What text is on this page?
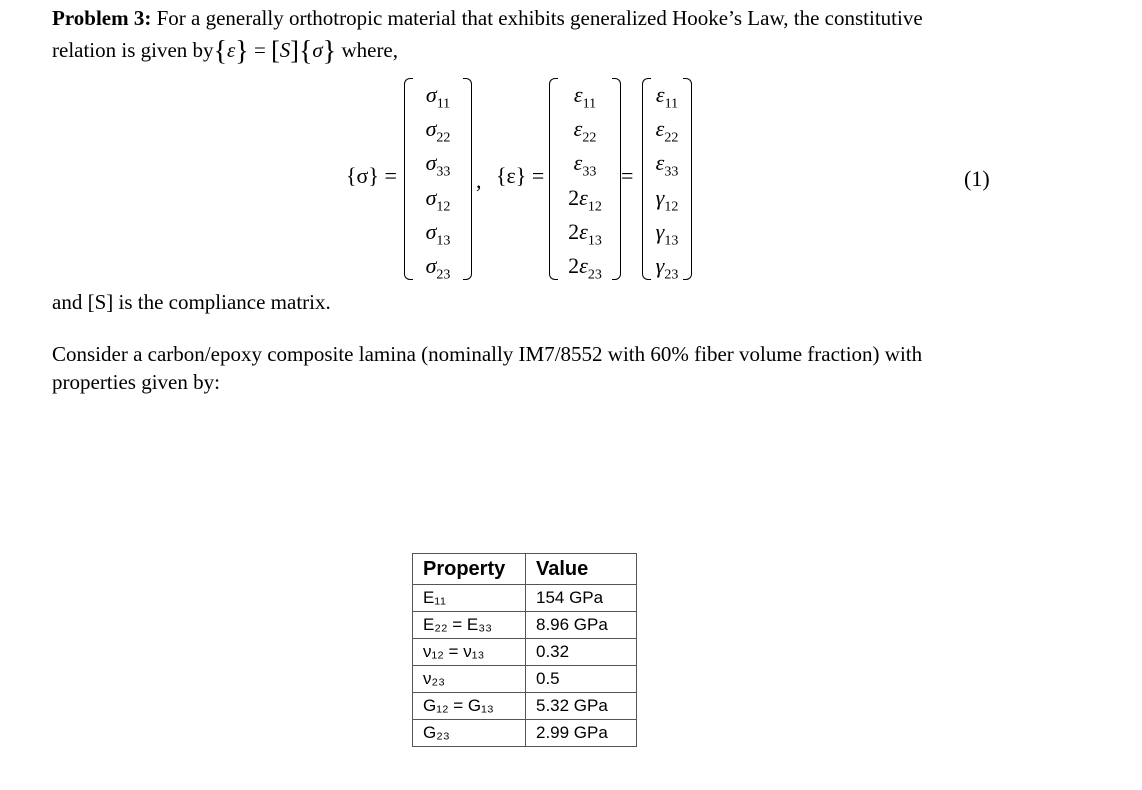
Problem 3: For a generally orthotropic material that exhibits generalized Hooke’s Law, the constitutive
relation is given by{ε} = [S]{σ} where,
{σ} =
$\sigma_{11}$
$\sigma_{22}$
$\sigma_{33}$
$\sigma_{12}$
$\sigma_{13}$
$\sigma_{23}$
, {ε} =
$\varepsilon_{11}$
$\varepsilon_{22}$
$\varepsilon_{33}$
$2\varepsilon_{12}$
$2\varepsilon_{13}$
$2\varepsilon_{23}$
=
$\varepsilon_{11}$
$\varepsilon_{22}$
$\varepsilon_{33}$
$\gamma_{12}$
$\gamma_{13}$
$\gamma_{23}$
(1)
and [S] is the compliance matrix.
Consider a carbon/epoxy composite lamina (nominally IM7/8552 with 60% fiber volume fraction) with
properties given by:
Property	Value
E₁₁	154 GPa
E₂₂ = E₃₃	8.96 GPa
ν₁₂ = ν₁₃	0.32
ν₂₃	0.5
G₁₂ = G₁₃	5.32 GPa
G₂₃	2.99 GPa
